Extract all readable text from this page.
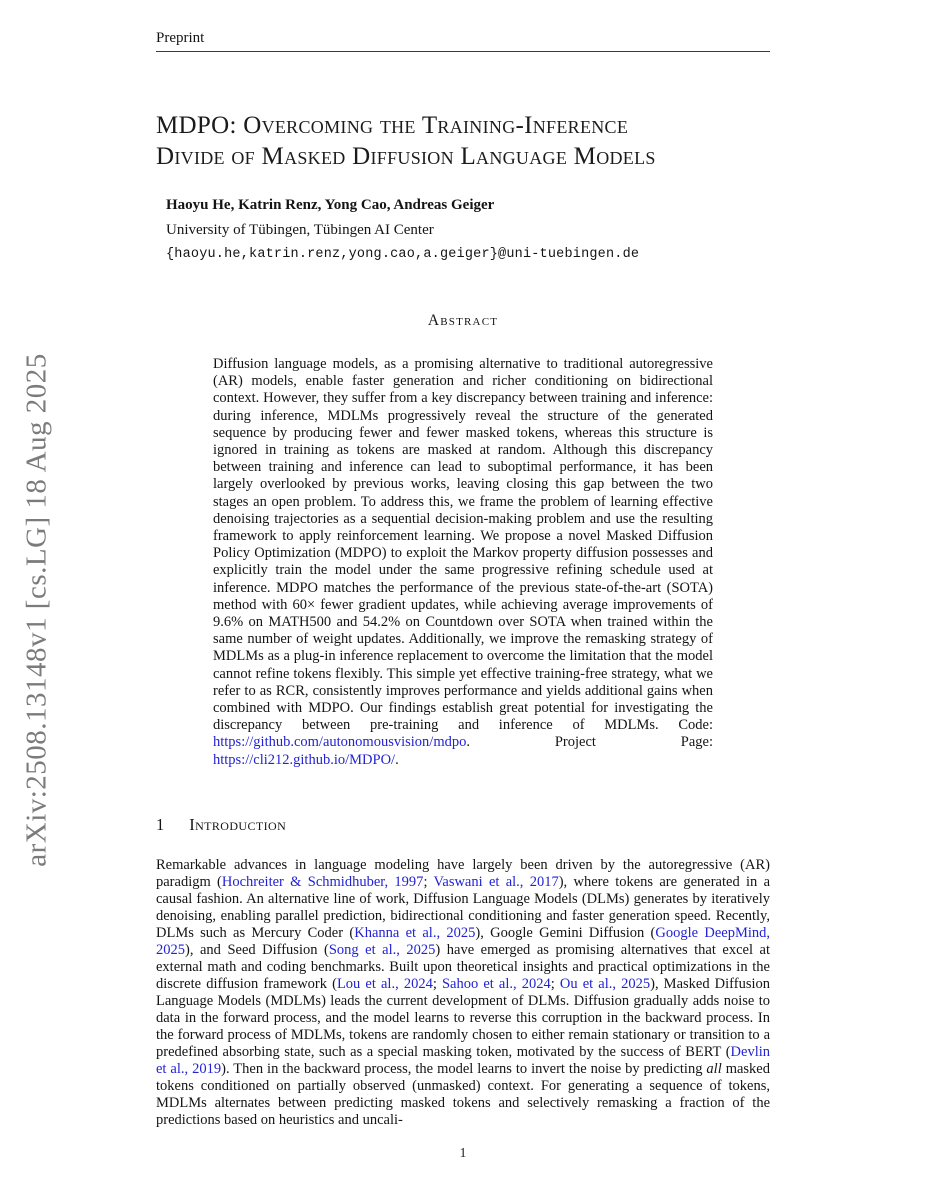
arXiv:2508.13148v1 [cs.LG] 18 Aug 2025
Preprint
MDPO: Overcoming the Training-Inference
Divide of Masked Diffusion Language Models
Haoyu He, Katrin Renz, Yong Cao, Andreas Geiger
University of Tübingen, Tübingen AI Center
{haoyu.he,katrin.renz,yong.cao,a.geiger}@uni-tuebingen.de
Abstract
Diffusion language models, as a promising alternative to traditional autoregressive (AR) models, enable faster generation and richer conditioning on bidirectional context. However, they suffer from a key discrepancy between training and inference: during inference, MDLMs progressively reveal the structure of the generated sequence by producing fewer and fewer masked tokens, whereas this structure is ignored in training as tokens are masked at random. Although this discrepancy between training and inference can lead to suboptimal performance, it has been largely overlooked by previous works, leaving closing this gap between the two stages an open problem. To address this, we frame the problem of learning effective denoising trajectories as a sequential decision-making problem and use the resulting framework to apply reinforcement learning. We propose a novel Masked Diffusion Policy Optimization (MDPO) to exploit the Markov property diffusion possesses and explicitly train the model under the same progressive refining schedule used at inference. MDPO matches the performance of the previous state-of-the-art (SOTA) method with 60× fewer gradient updates, while achieving average improvements of 9.6% on MATH500 and 54.2% on Countdown over SOTA when trained within the same number of weight updates. Additionally, we improve the remasking strategy of MDLMs as a plug-in inference replacement to overcome the limitation that the model cannot refine tokens flexibly. This simple yet effective training-free strategy, what we refer to as RCR, consistently improves performance and yields additional gains when combined with MDPO. Our findings establish great potential for investigating the discrepancy between pre-training and inference of MDLMs. Code: https://github.com/autonomousvision/mdpo. Project Page: https://cli212.github.io/MDPO/.
1 Introduction
Remarkable advances in language modeling have largely been driven by the autoregressive (AR) paradigm (Hochreiter & Schmidhuber, 1997; Vaswani et al., 2017), where tokens are generated in a causal fashion. An alternative line of work, Diffusion Language Models (DLMs) generates by iteratively denoising, enabling parallel prediction, bidirectional conditioning and faster generation speed. Recently, DLMs such as Mercury Coder (Khanna et al., 2025), Google Gemini Diffusion (Google DeepMind, 2025), and Seed Diffusion (Song et al., 2025) have emerged as promising alternatives that excel at external math and coding benchmarks. Built upon theoretical insights and practical optimizations in the discrete diffusion framework (Lou et al., 2024; Sahoo et al., 2024; Ou et al., 2025), Masked Diffusion Language Models (MDLMs) leads the current development of DLMs. Diffusion gradually adds noise to data in the forward process, and the model learns to reverse this corruption in the backward process. In the forward process of MDLMs, tokens are randomly chosen to either remain stationary or transition to a predefined absorbing state, such as a special masking token, motivated by the success of BERT (Devlin et al., 2019). Then in the backward process, the model learns to invert the noise by predicting all masked tokens conditioned on partially observed (unmasked) context. For generating a sequence of tokens, MDLMs alternates between predicting masked tokens and selectively remasking a fraction of the predictions based on heuristics and uncali-
1
